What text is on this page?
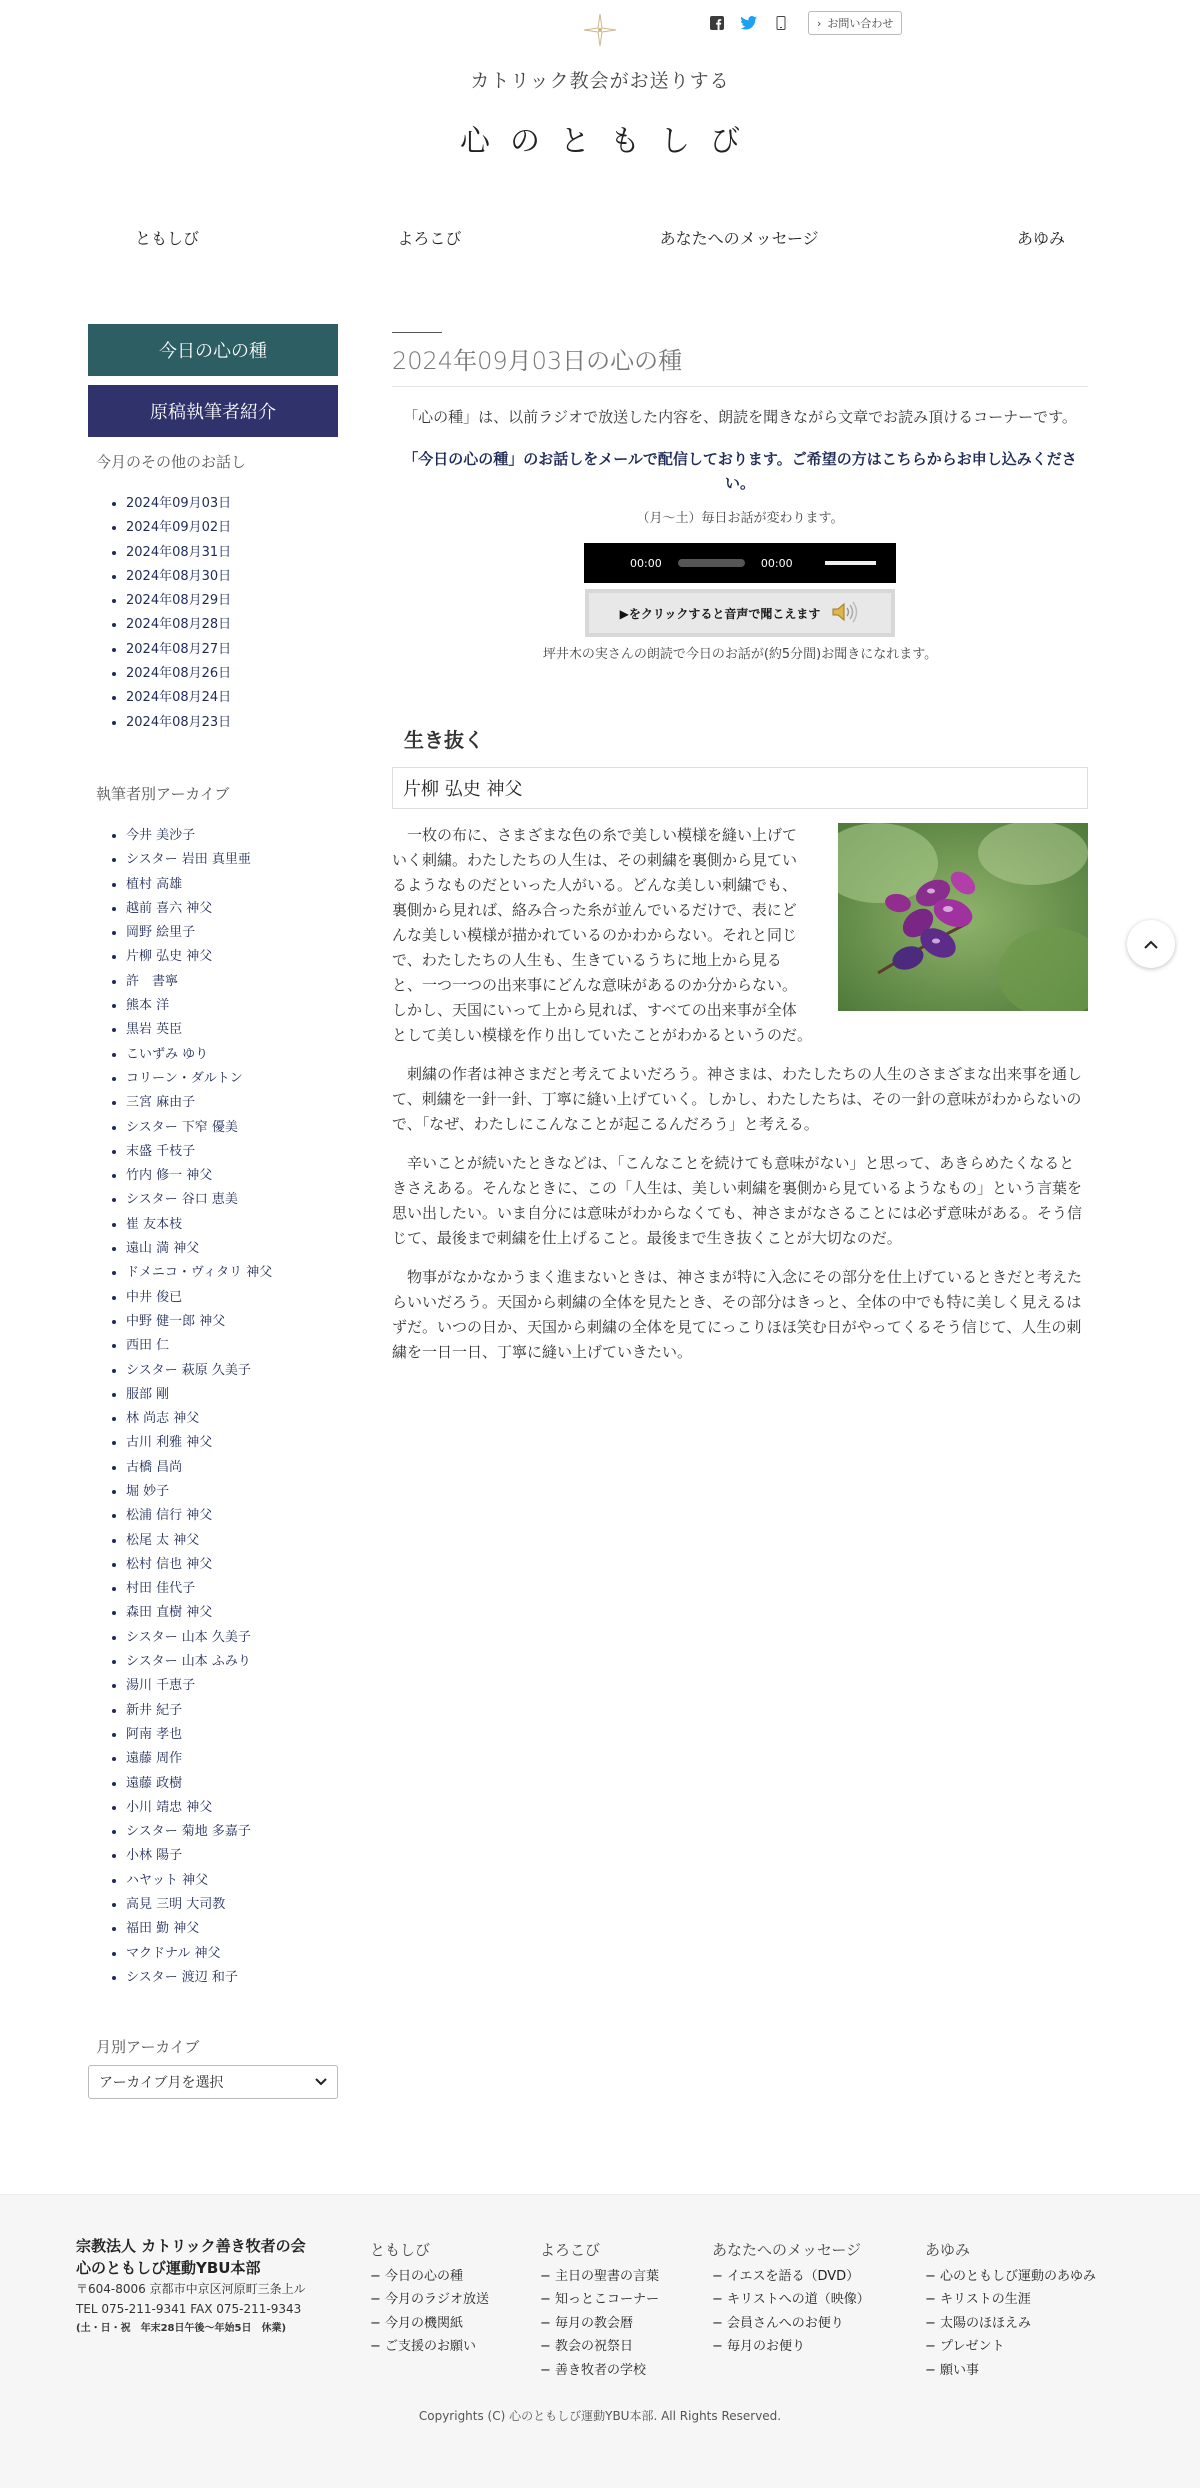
› お問い合わせ
カトリック教会がお送りする
心のともしび
ともしび	よろこび	あなたへのメッセージ	あゆみ
今日の心の種
原稿執筆者紹介
今月のその他のお話し
• 2024年09月03日
• 2024年09月02日
• 2024年08月31日
• 2024年08月30日
• 2024年08月29日
• 2024年08月28日
• 2024年08月27日
• 2024年08月26日
• 2024年08月24日
• 2024年08月23日
執筆者別アーカイブ
• 今井 美沙子
• シスター 岩田 真里亜
• 植村 高雄
• 越前 喜六 神父
• 岡野 絵里子
• 片柳 弘史 神父
• 許　書寧
• 熊本 洋
• 黒岩 英臣
• こいずみ ゆり
• コリーン・ダルトン
• 三宮 麻由子
• シスター 下窄 優美
• 末盛 千枝子
• 竹内 修一 神父
• シスター 谷口 恵美
• 崔 友本枝
• 遠山 満 神父
• ドメニコ・ヴィタリ 神父
• 中井 俊已
• 中野 健一郎 神父
• 西田 仁
• シスター 萩原 久美子
• 服部 剛
• 林 尚志 神父
• 古川 利雅 神父
• 古橋 昌尚
• 堀 妙子
• 松浦 信行 神父
• 松尾 太 神父
• 松村 信也 神父
• 村田 佳代子
• 森田 直樹 神父
• シスター 山本 久美子
• シスター 山本 ふみり
• 湯川 千恵子
• 新井 紀子
• 阿南 孝也
• 遠藤 周作
• 遠藤 政樹
• 小川 靖忠 神父
• シスター 菊地 多嘉子
• 小林 陽子
• ハヤット 神父
• 高見 三明 大司教
• 福田 勤 神父
• マクドナル 神父
• シスター 渡辺 和子
月別アーカイブ
アーカイブ月を選択
2024年09月03日の心の種

「心の種」は、以前ラジオで放送した内容を、朗読を聞きながら文章でお読み頂けるコーナーです。

「今日の心の種」のお話しをメールで配信しております。ご希望の方はこちらからお申し込みください。

（月～土）毎日お話が変わります。

00:00	00:00
▶をクリックすると音声で聞こえます

坪井木の実さんの朗読で今日のお話が(約5分間)お聞きになれます。

生き抜く
片柳 弘史 神父

一枚の布に、さまざまな色の糸で美しい模様を縫い上げていく刺繍。わたしたちの人生は、その刺繍を裏側から見ているようなものだといった人がいる。どんな美しい刺繍でも、裏側から見れば、絡み合った糸が並んでいるだけで、表にどんな美しい模様が描かれているのかわからない。それと同じで、わたしたちの人生も、生きているうちに地上から見ると、一つ一つの出来事にどんな意味があるのか分からない。しかし、天国にいって上から見れば、すべての出来事が全体として美しい模様を作り出していたことがわかるというのだ。

刺繍の作者は神さまだと考えてよいだろう。神さまは、わたしたちの人生のさまざまな出来事を通して、刺繍を一針一針、丁寧に縫い上げていく。しかし、わたしたちは、その一針の意味がわからないので、「なぜ、わたしにこんなことが起こるんだろう」と考える。

辛いことが続いたときなどは、「こんなことを続けても意味がない」と思って、あきらめたくなるときさえある。そんなときに、この「人生は、美しい刺繍を裏側から見ているようなもの」という言葉を思い出したい。いま自分には意味がわからなくても、神さまがなさることには必ず意味がある。そう信じて、最後まで刺繍を仕上げること。最後まで生き抜くことが大切なのだ。

物事がなかなかうまく進まないときは、神さまが特に入念にその部分を仕上げているときだと考えたらいいだろう。天国から刺繍の全体を見たとき、その部分はきっと、全体の中でも特に美しく見えるはずだ。いつの日か、天国から刺繍の全体を見てにっこりほほ笑む日がやってくるそう信じて、人生の刺繍を一日一日、丁寧に縫い上げていきたい。

宗教法人 カトリック善き牧者の会
心のともしび運動YBU本部
〒604-8006 京都市中京区河原町三条上ル
TEL 075-211-9341 FAX 075-211-9343
(土・日・祝　年末28日午後〜年始5日　休業)
ともしび
− 今日の心の種
− 今月のラジオ放送
− 今月の機関紙
− ご支援のお願い
よろこび
− 主日の聖書の言葉
− 知っとこコーナー
− 毎月の教会暦
− 教会の祝祭日
− 善き牧者の学校
あなたへのメッセージ
− イエスを語る（DVD）
− キリストへの道（映像）
− 会員さんへのお便り
− 毎月のお便り
あゆみ
− 心のともしび運動のあゆみ
− キリストの生涯
− 太陽のほほえみ
− プレゼント
− 願い事
Copyrights (C) 心のともしび運動YBU本部. All Rights Reserved.
